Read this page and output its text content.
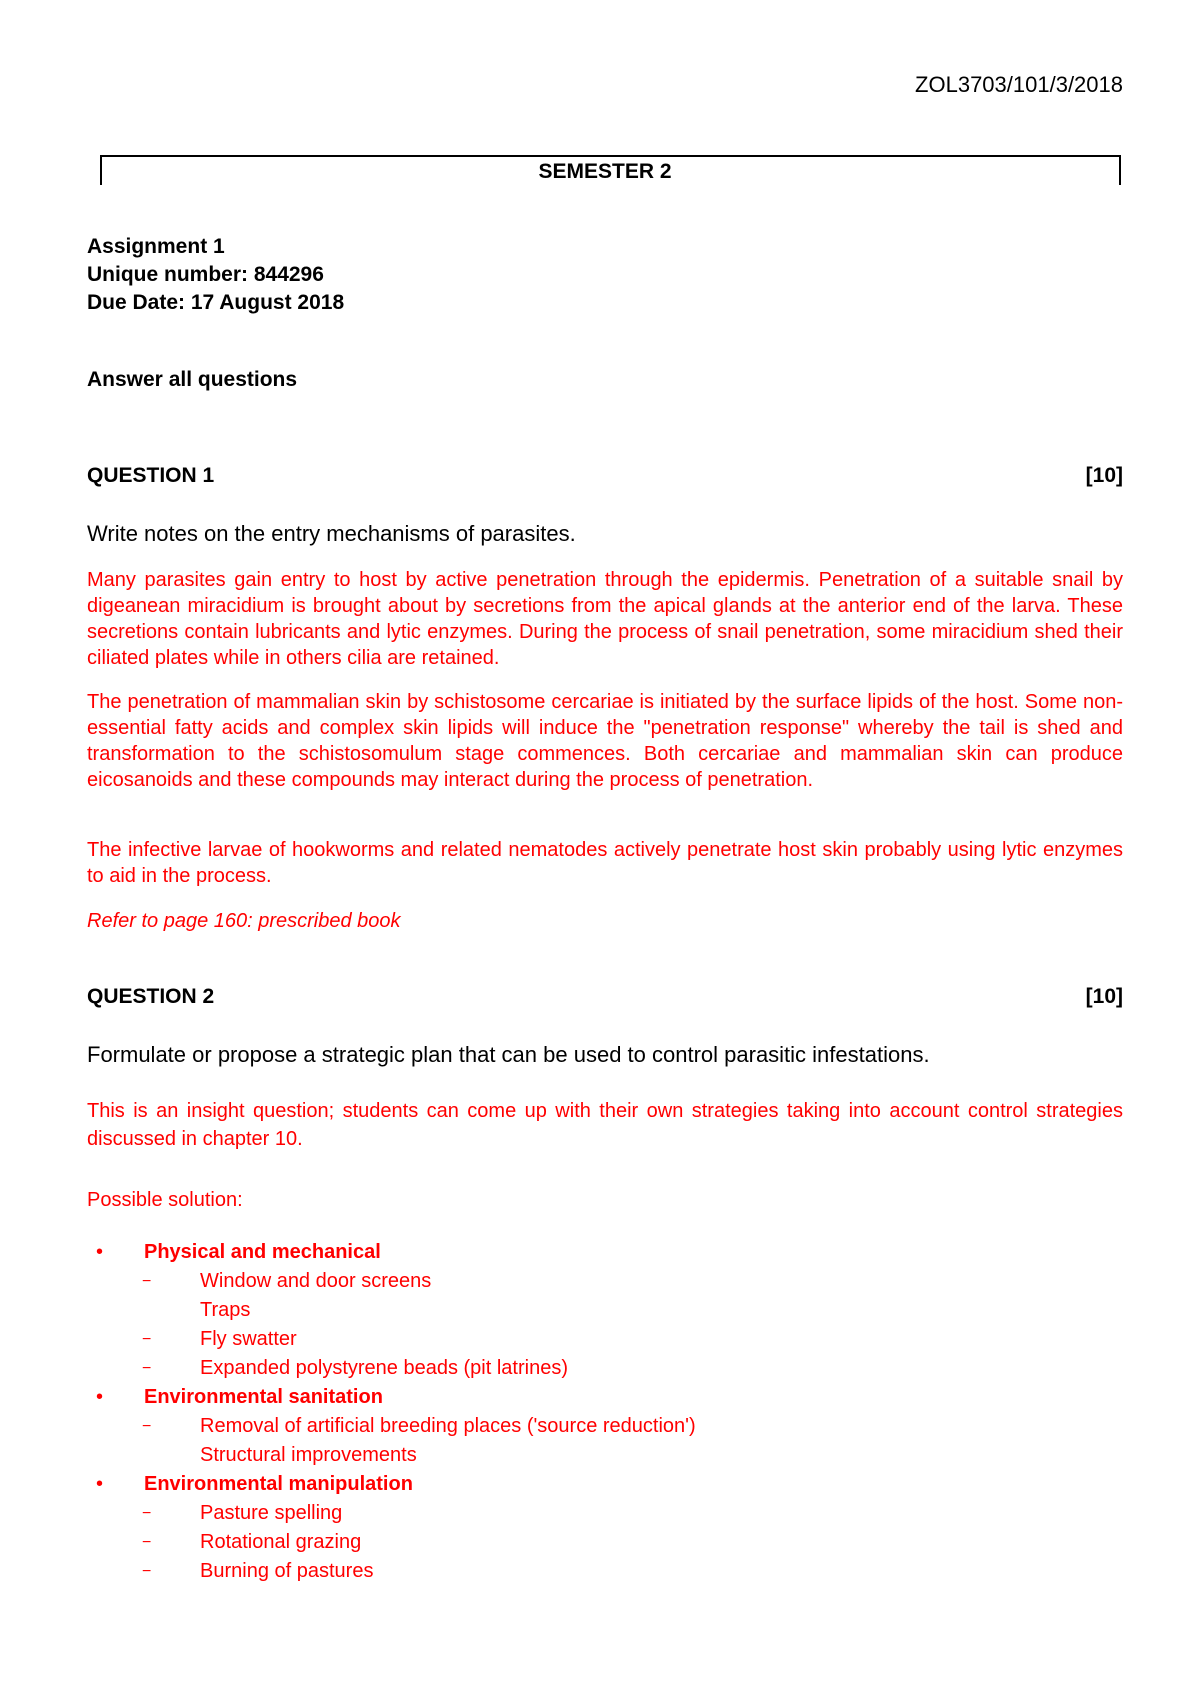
ZOL3703/101/3/2018
SEMESTER 2
Assignment 1
Unique number: 844296
Due Date: 17 August 2018
Answer all questions
QUESTION 1	[10]
Write notes on the entry mechanisms of parasites.

Many parasites gain entry to host by active penetration through the epidermis. Penetration of a suitable snail by digeanean miracidium is brought about by secretions from the apical glands at the anterior end of the larva. These secretions contain lubricants and lytic enzymes. During the process of snail penetration, some miracidium shed their ciliated plates while in others cilia are retained.

The penetration of mammalian skin by schistosome cercariae is initiated by the surface lipids of the host. Some non-essential fatty acids and complex skin lipids will induce the "penetration response" whereby the tail is shed and transformation to the schistosomulum stage commences. Both cercariae and mammalian skin can produce eicosanoids and these compounds may interact during the process of penetration.

The infective larvae of hookworms and related nematodes actively penetrate host skin probably using lytic enzymes to aid in the process.

Refer to page 160: prescribed book

QUESTION 2	[10]
Formulate or propose a strategic plan that can be used to control parasitic infestations.

This is an insight question; students can come up with their own strategies taking into account control strategies discussed in chapter 10.

Possible solution:

• Physical and mechanical
− Window and door screens
Traps
− Fly swatter
− Expanded polystyrene beads (pit latrines)
• Environmental sanitation
− Removal of artificial breeding places ('source reduction')
Structural improvements
• Environmental manipulation
− Pasture spelling
− Rotational grazing
− Burning of pastures
